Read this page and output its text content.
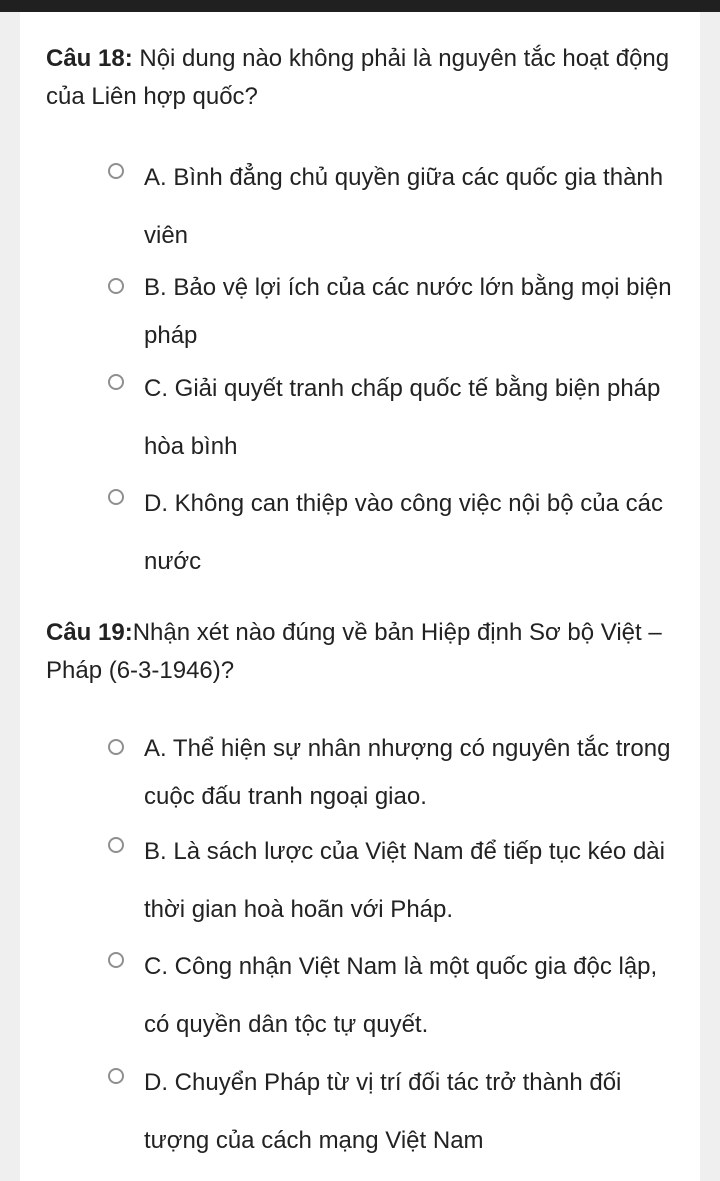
Câu 18: Nội dung nào không phải là nguyên tắc hoạt động của Liên hợp quốc?
A. Bình đẳng chủ quyền giữa các quốc gia thành viên
B. Bảo vệ lợi ích của các nước lớn bằng mọi biện pháp
C. Giải quyết tranh chấp quốc tế bằng biện pháp hòa bình
D. Không can thiệp vào công việc nội bộ của các nước
Câu 19:Nhận xét nào đúng về bản Hiệp định Sơ bộ Việt – Pháp (6-3-1946)?
A. Thể hiện sự nhân nhượng có nguyên tắc trong cuộc đấu tranh ngoại giao.
B. Là sách lược của Việt Nam để tiếp tục kéo dài thời gian hoà hoãn với Pháp.
C. Công nhận Việt Nam là một quốc gia độc lập, có quyền dân tộc tự quyết.
D. Chuyển Pháp từ vị trí đối tác trở thành đối tượng của cách mạng Việt Nam
